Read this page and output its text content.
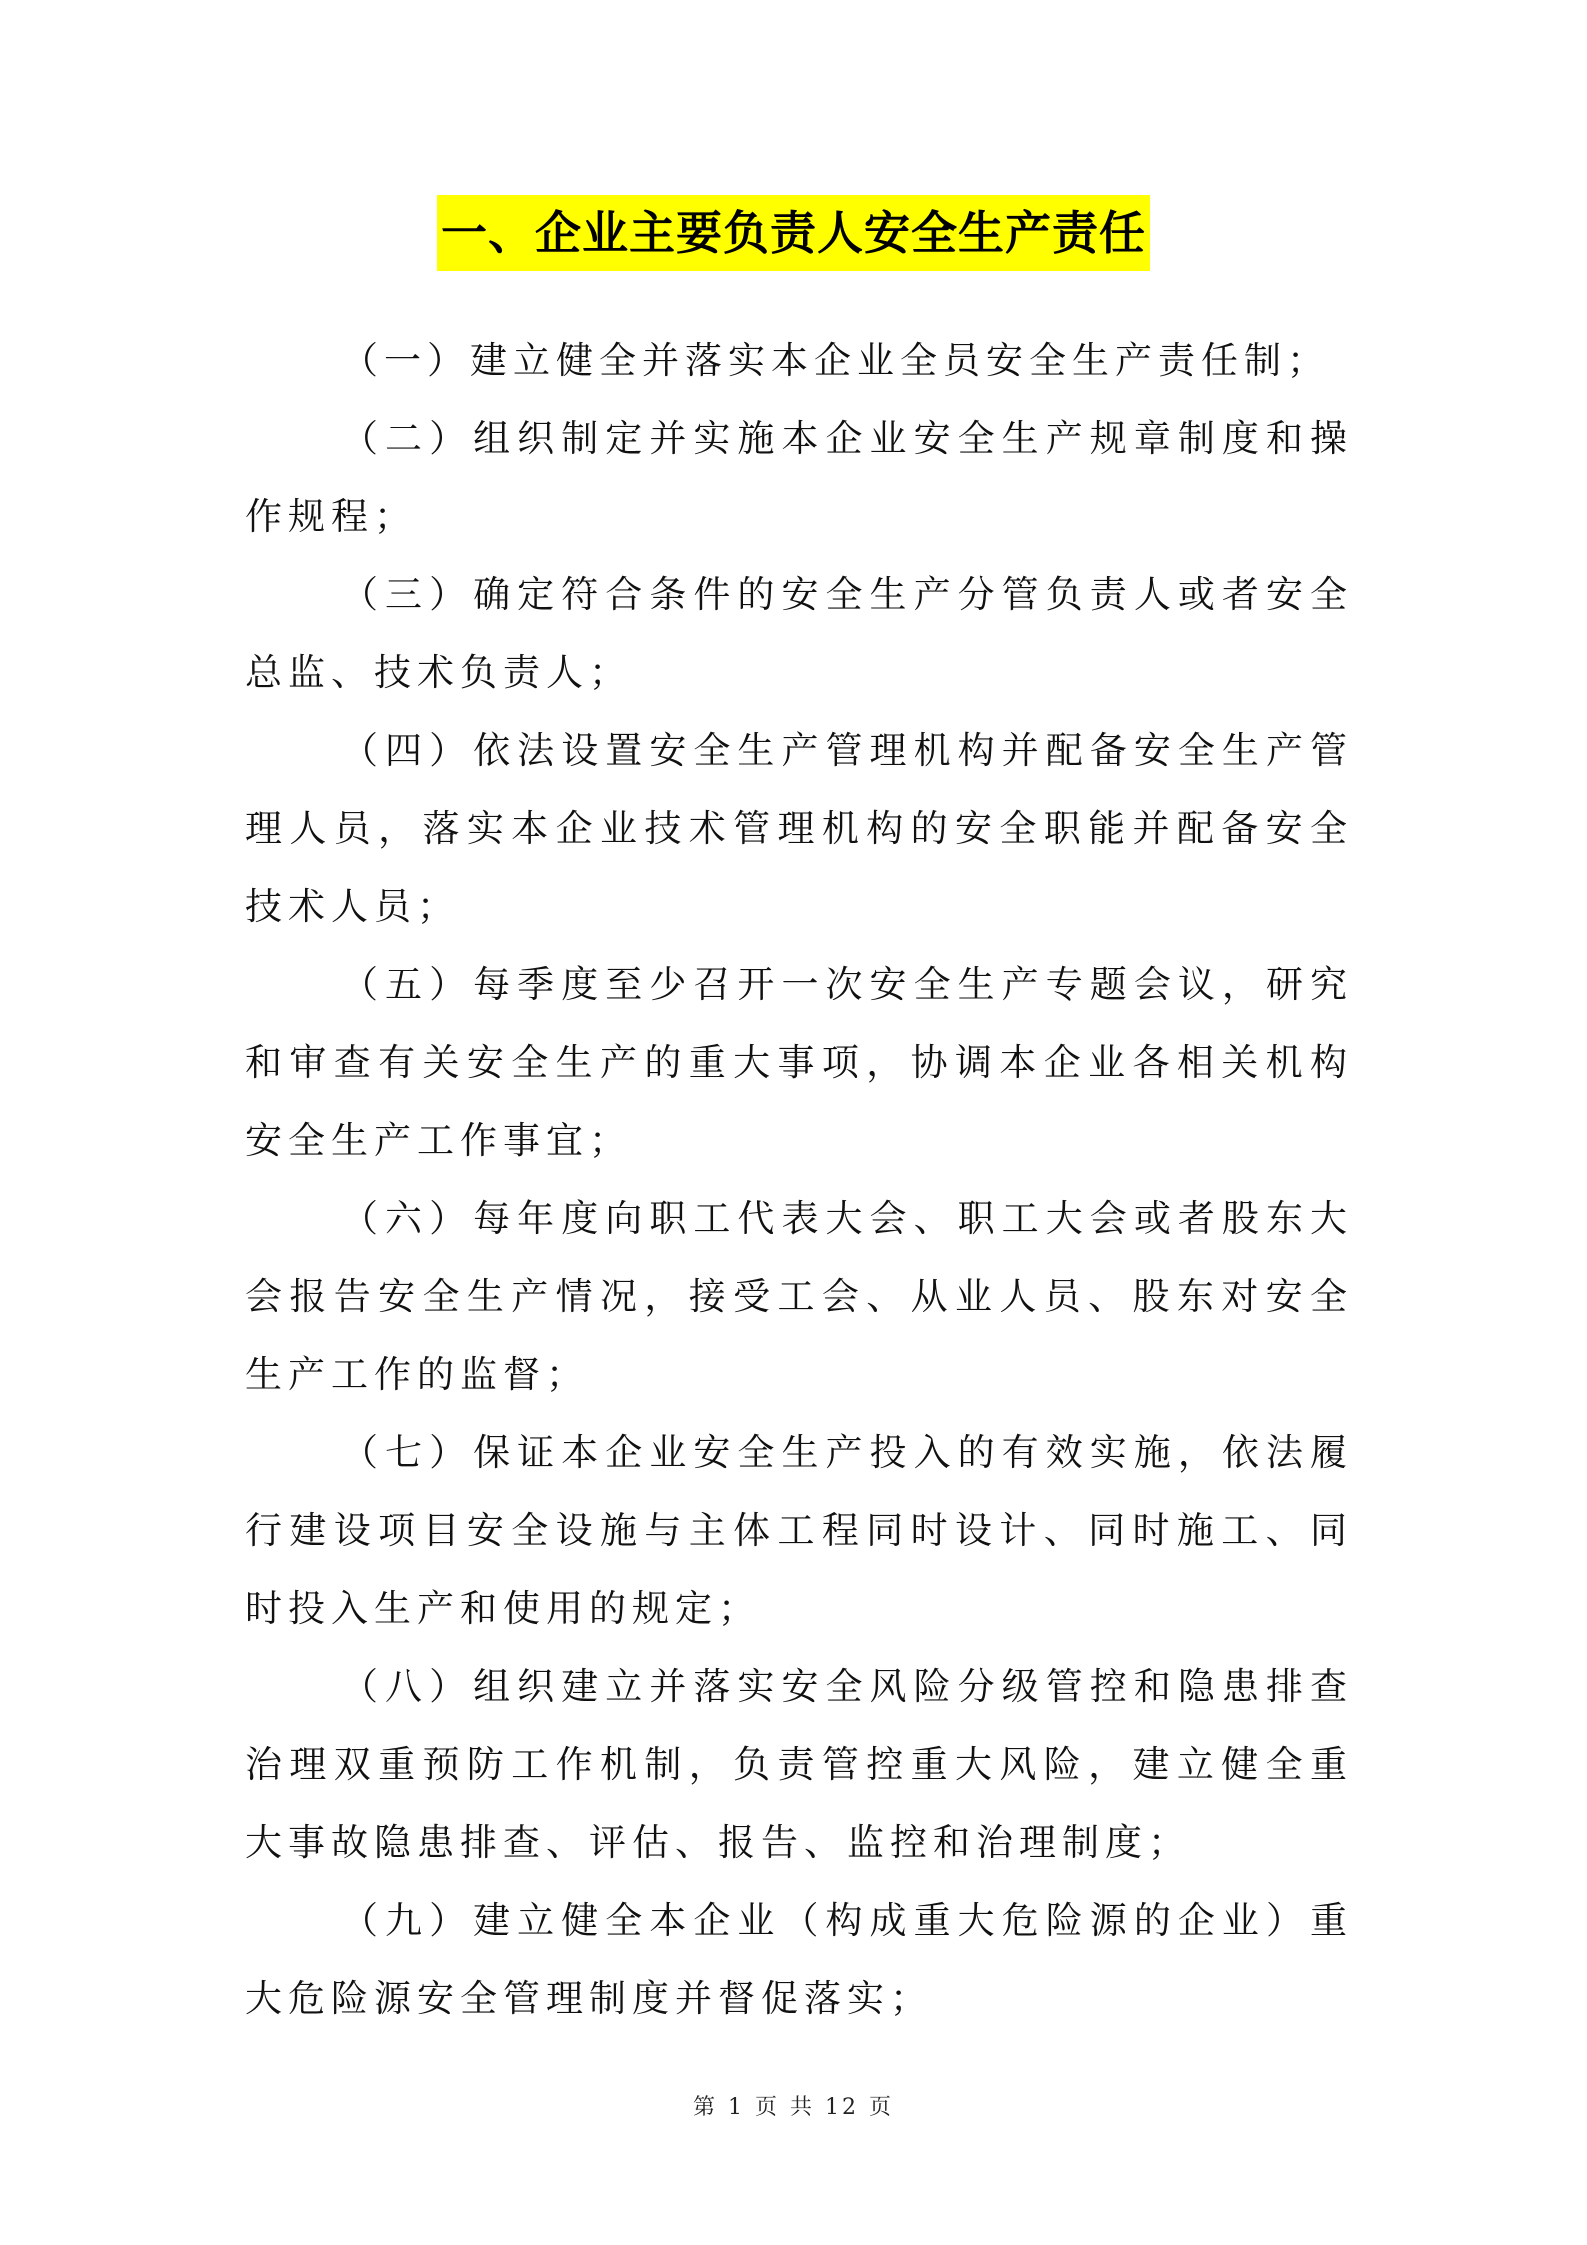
一、企业主要负责人安全生产责任

（一）建立健全并落实本企业全员安全生产责任制；

（二）组织制定并实施本企业安全生产规章制度和操作规程；

（三）确定符合条件的安全生产分管负责人或者安全总监、技术负责人；

（四）依法设置安全生产管理机构并配备安全生产管理人员，落实本企业技术管理机构的安全职能并配备安全技术人员；

（五）每季度至少召开一次安全生产专题会议，研究和审查有关安全生产的重大事项，协调本企业各相关机构安全生产工作事宜；

（六）每年度向职工代表大会、职工大会或者股东大会报告安全生产情况，接受工会、从业人员、股东对安全生产工作的监督；

（七）保证本企业安全生产投入的有效实施，依法履行建设项目安全设施与主体工程同时设计、同时施工、同时投入生产和使用的规定；

（八）组织建立并落实安全风险分级管控和隐患排查治理双重预防工作机制，负责管控重大风险，建立健全重大事故隐患排查、评估、报告、监控和治理制度；

（九）建立健全本企业（构成重大危险源的企业）重大危险源安全管理制度并督促落实；

第 1 页 共 12 页
